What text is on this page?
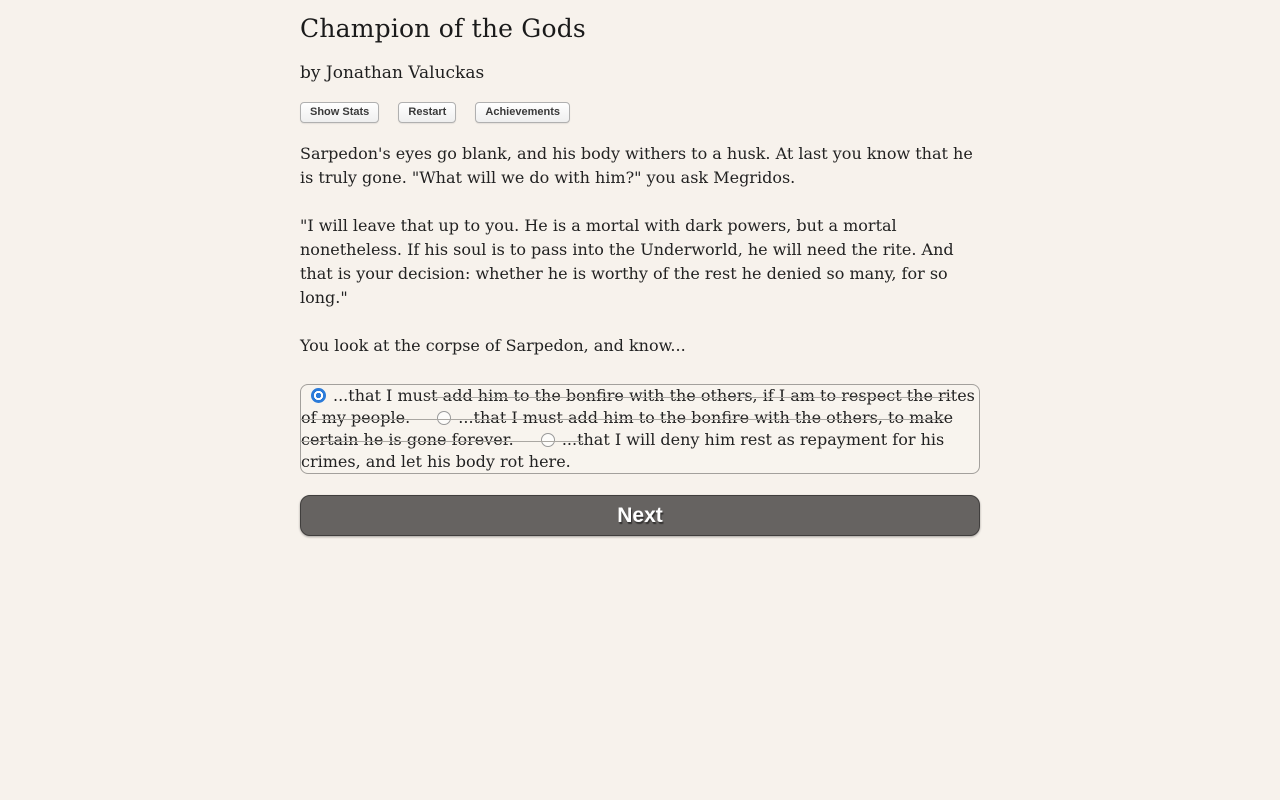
Champion of the Gods
by Jonathan Valuckas
Show Stats	Restart	Achievements

Sarpedon's eyes go blank, and his body withers to a husk. At last you know that he is truly gone. "What will we do with him?" you ask Megridos.

"I will leave that up to you. He is a mortal with dark powers, but a mortal nonetheless. If his soul is to pass into the Underworld, he will need the rite. And that is your decision: whether he is worthy of the rest he denied so many, for so long."

You look at the corpse of Sarpedon, and know...

...that I must add him to the bonfire with the others, if I am to respect the rites of my people.	...that I must add him to the bonfire with the others, to make certain he is gone forever.	...that I will deny him rest as repayment for his crimes, and let his body rot here.
Next
